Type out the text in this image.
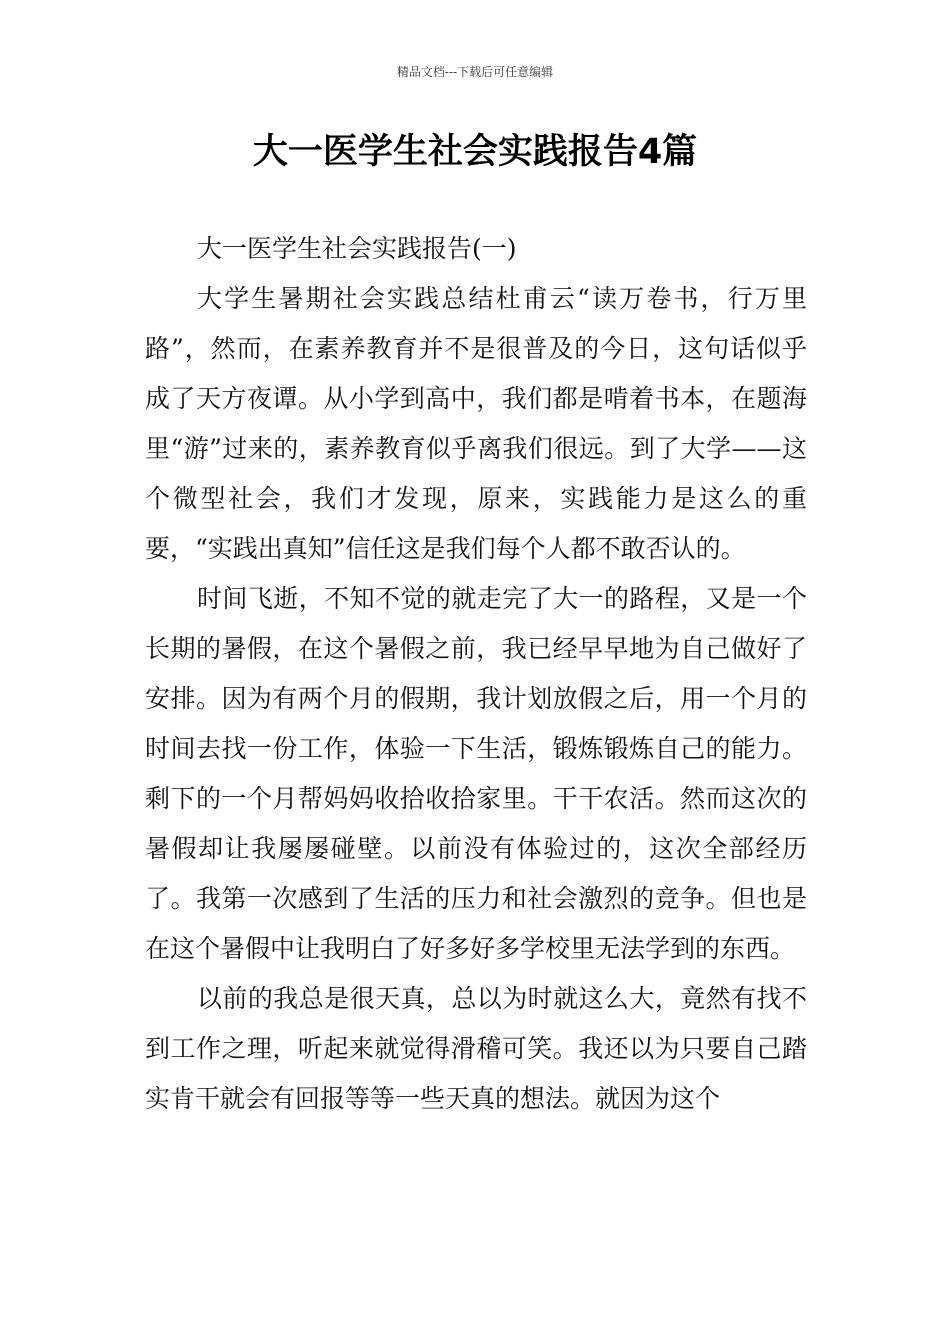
精品文档---下载后可任意编辑
大一医学生社会实践报告4篇

大一医学生社会实践报告(一)

大学生暑期社会实践总结杜甫云“读万卷书，行万里路”，然而，在素养教育并不是很普及的今日，这句话似乎成了天方夜谭。从小学到高中，我们都是啃着书本，在题海里“游”过来的，素养教育似乎离我们很远。到了大学——这个微型社会，我们才发现，原来，实践能力是这么的重要，“实践出真知”信任这是我们每个人都不敢否认的。

时间飞逝，不知不觉的就走完了大一的路程，又是一个长期的暑假，在这个暑假之前，我已经早早地为自己做好了安排。因为有两个月的假期，我计划放假之后，用一个月的时间去找一份工作，体验一下生活，锻炼锻炼自己的能力。剩下的一个月帮妈妈收拾收拾家里。干干农活。然而这次的暑假却让我屡屡碰壁。以前没有体验过的，这次全部经历了。我第一次感到了生活的压力和社会激烈的竞争。但也是在这个暑假中让我明白了好多好多学校里无法学到的东西。

以前的我总是很天真，总以为时就这么大，竟然有找不到工作之理，听起来就觉得滑稽可笑。我还以为只要自己踏实肯干就会有回报等等一些天真的想法。就因为这个
